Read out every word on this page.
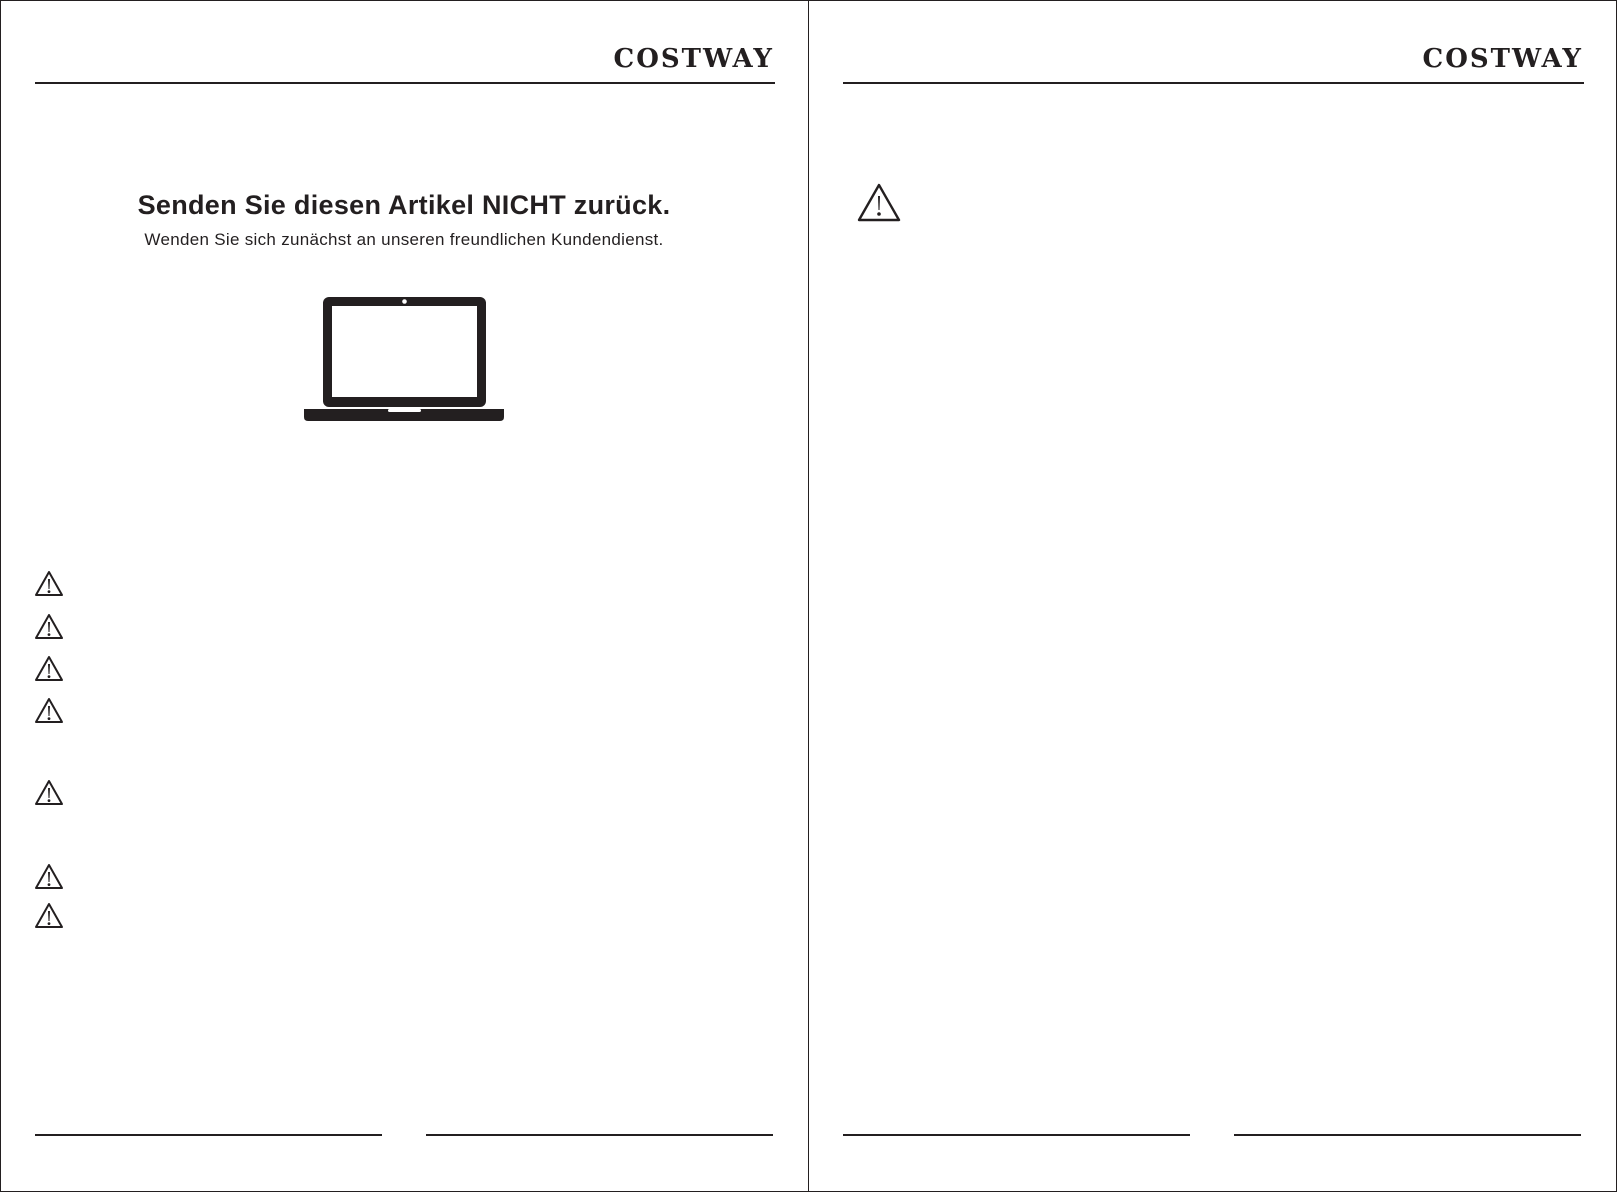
COSTWAY
Senden Sie diesen Artikel NICHT zurück.

Wenden Sie sich zunächst an unseren freundlichen Kundendienst.

COSTWAY
